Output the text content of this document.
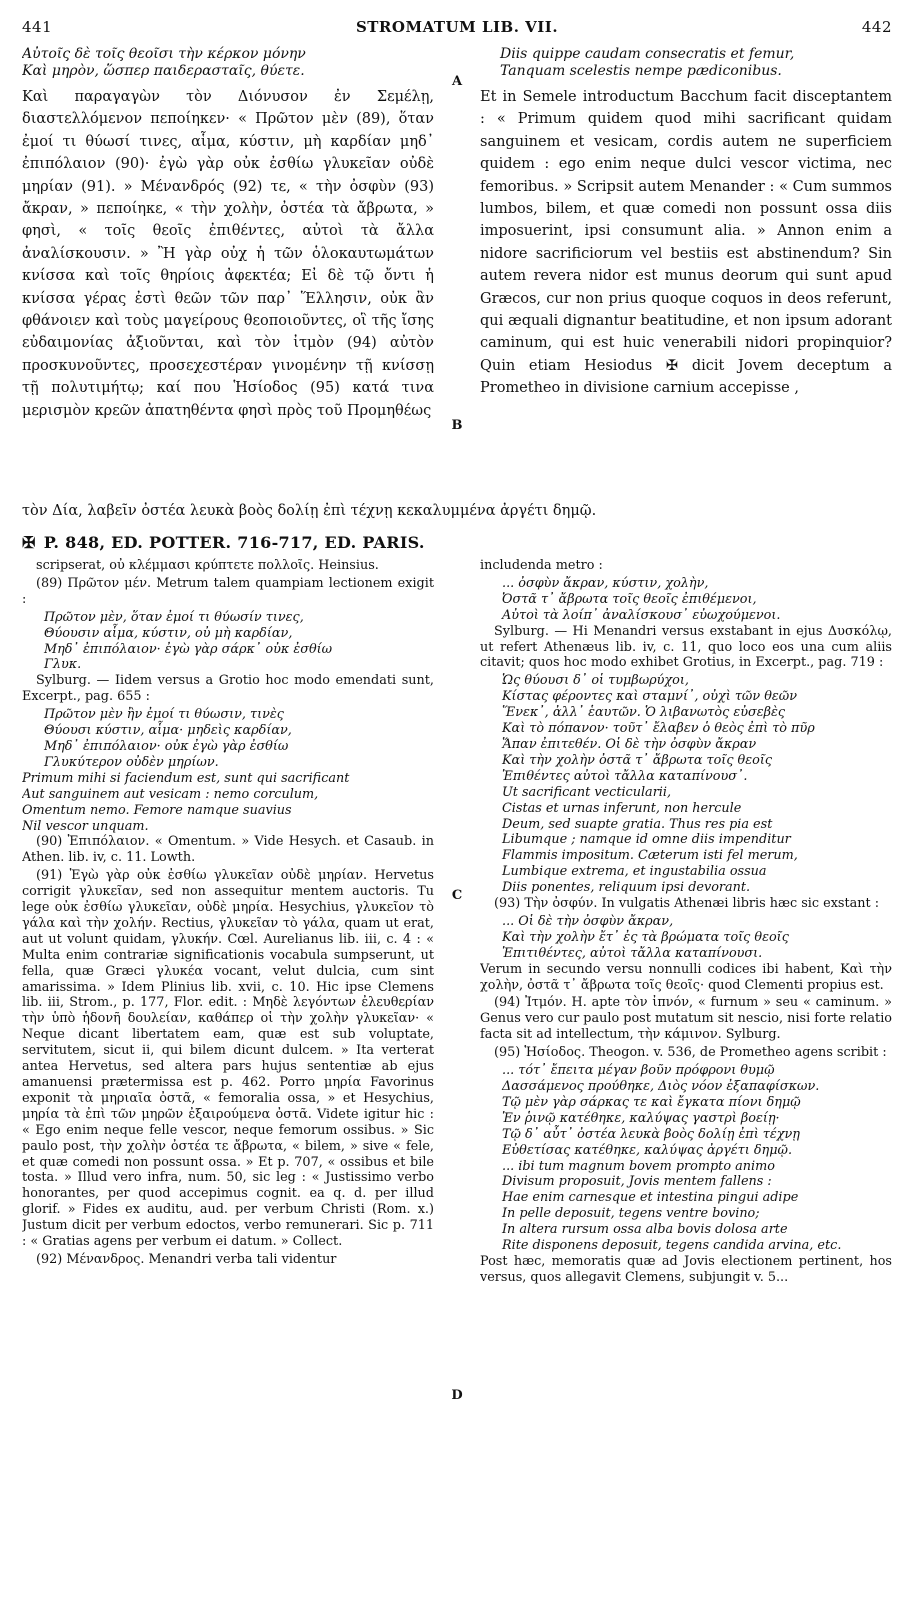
441	STROMATUM LIB. VII.	442

Αὐτοῖς δὲ τοῖς θεοῖσι τὴν κέρκον μόνην
Καὶ μηρὸν, ὥσπερ παιδερασταῖς, θύετε.

Καὶ παραγαγὼν τὸν Διόνυσον ἐν Σεμέλῃ, διαστελλόμενον πεποίηκεν· « Πρῶτον μὲν (89), ὅταν ἐμοί τι θύωσί τινες, αἷμα, κύστιν, μὴ καρδίαν μηδ᾽ ἐπιπόλαιον (90)· ἐγὼ γὰρ οὐκ ἐσθίω γλυκεῖαν οὐδὲ μηρίαν (91). » Μένανδρός (92) τε, « τὴν ὀσφὺν (93) ἄκραν, » πεποίηκε, « τὴν χολὴν, ὀστέα τὰ ἄβρωτα, » φησὶ, « τοῖς θεοῖς ἐπιθέντες, αὐτοὶ τὰ ἄλλα ἀναλίσκουσιν. » Ἢ γὰρ οὐχ ἡ τῶν ὁλοκαυτωμάτων κνίσσα καὶ τοῖς θηρίοις ἀφεκτέα; Εἰ δὲ τῷ ὄντι ἡ κνίσσα γέρας ἐστὶ θεῶν τῶν παρ᾽ Ἕλλησιν, οὐκ ἂν φθάνοιεν καὶ τοὺς μαγείρους θεοποιοῦντες, οἳ τῆς ἴσης εὐδαιμονίας ἀξιοῦνται, καὶ τὸν ἰτμὸν (94) αὐτὸν προσκυνοῦντες, προσεχεστέραν γινομένην τῇ κνίσσῃ τῇ πολυτιμήτῳ; καί που Ἡσίοδος (95) κατά τινα μερισμὸν κρεῶν ἀπατηθέντα φησὶ πρὸς τοῦ Προμηθέως

A
B

Diis quippe caudam consecratis et femur,
Tanquam scelestis nempe pædiconibus.

Et in Semele introductum Bacchum facit disceptantem : « Primum quidem quod mihi sacrificant quidam sanguinem et vesicam, cordis autem ne superficiem quidem : ego enim neque dulci vescor victima, nec femoribus. » Scripsit autem Menander : « Cum summos lumbos, bilem, et quæ comedi non possunt ossa diis imposuerint, ipsi consumunt alia. » Annon enim a nidore sacrificiorum vel bestiis est abstinendum? Sin autem revera nidor est munus deorum qui sunt apud Græcos, cur non prius quoque coquos in deos referunt, qui æquali dignantur beatitudine, et non ipsum adorant caminum, qui est huic venerabili nidori propinquior? Quin etiam Hesiodus ✠ dicit Jovem deceptum a Prometheo in divisione carnium accepisse ,

τὸν Δία, λαβεῖν ὀστέα λευκὰ βοὸς δολίῃ ἐπὶ τέχνῃ κεκαλυμμένα ἀργέτι δημῷ.
✠ P. 848, ED. POTTER. 716-717, ED. PARIS.

scripserat, οὐ κλέμμασι κρύπτετε πολλοῖς. Heinsius.

(89) Πρῶτον μέν. Metrum talem quampiam lectionem exigit :

Πρῶτον μὲν, ὅταν ἐμοί τι θύωσίν τινες,

Θύουσιν αἷμα, κύστιν, οὐ μὴ καρδίαν,

Μηδ᾽ ἐπιπόλαιον· ἐγὼ γὰρ σάρκ᾽ οὐκ ἐσθίω

Γλυκ.

Sylburg. — Iidem versus a Grotio hoc modo emendati sunt, Excerpt., pag. 655 :

Πρῶτον μὲν ἢν ἐμοί τι θύωσιν, τινὲς

Θύουσι κύστιν, αἷμα· μηδεὶς καρδίαν,

Μηδ᾽ ἐπιπόλαιον· οὐκ ἐγὼ γὰρ ἐσθίω

Γλυκύτερον οὐδὲν μηρίων.

Primum mihi si faciendum est, sunt qui sacrificant

Aut sanguinem aut vesicam : nemo corculum,

Omentum nemo. Femore namque suavius

Nil vescor unquam.

(90) Ἐπιπόλαιον. « Omentum. » Vide Hesych. et Casaub. in Athen. lib. iv, c. 11. Lowth.

(91) Ἐγὼ γὰρ οὐκ ἐσθίω γλυκεῖαν οὐδὲ μηρίαν. Hervetus corrigit γλυκεῖαν, sed non assequitur mentem auctoris. Tu lege οὐκ ἐσθίω γλυκεῖαν, οὐδὲ μηρία. Hesychius, γλυκεῖον τὸ γάλα καὶ τὴν χολήν. Rectius, γλυκεῖαν τὸ γάλα, quam ut erat, aut ut volunt quidam, γλυκήν. Cœl. Aurelianus lib. iii, c. 4 : « Multa enim contrariæ significationis vocabula sumpserunt, ut fella, quæ Græci γλυκέα vocant, velut dulcia, cum sint amarissima. » Idem Plinius lib. xvii, c. 10. Hic ipse Clemens lib. iii, Strom., p. 177, Flor. edit. : Μηδὲ λεγόντων ἐλευθερίαν τὴν ὑπὸ ἡδονῆ δουλείαν, καθάπερ οἱ τὴν χολὴν γλυκεῖαν· « Neque dicant libertatem eam, quæ est sub voluptate, servitutem, sicut ii, qui bilem dicunt dulcem. » Ita verterat antea Hervetus, sed altera pars hujus sententiæ ab ejus amanuensi prætermissa est p. 462. Porro μηρία Favorinus exponit τὰ μηριαῖα ὀστᾶ, « femoralia ossa, » et Hesychius, μηρία τὰ ἐπὶ τῶν μηρῶν ἐξαιρούμενα ὀστᾶ. Videte igitur hic : « Ego enim neque felle vescor, neque femorum ossibus. » Sic paulo post, τὴν χολὴν ὀστέα τε ἄβρωτα, « bilem, » sive « fele, et quæ comedi non possunt ossa. » Et p. 707, « ossibus et bile tosta. » Illud vero infra, num. 50, sic leg : « Justissimo verbo honorantes, per quod accepimus cognit. ea q. d. per illud glorif. » Fides ex auditu, aud. per verbum Christi (Rom. x.) Justum dicit per verbum edoctos, verbo remunerari. Sic p. 711 : « Gratias agens per verbum ei datum. » Collect.

(92) Μένανδρος. Menandri verba tali videntur

C
D

includenda metro :

... ὀσφὺν ἄκραν, κύστιν, χολὴν,

Ὀστᾶ τ᾽ ἄβρωτα τοῖς θεοῖς ἐπιθέμενοι,

Αὐτοὶ τὰ λοίπ᾽ ἀναλίσκουσ᾽ εὐωχούμενοι.

Sylburg. — Hi Menandri versus exstabant in ejus Δυσκόλῳ, ut refert Athenæus lib. iv, c. 11, quo loco eos una cum aliis citavit; quos hoc modo exhibet Grotius, in Excerpt., pag. 719 :

Ὡς θύουσι δ᾽ οἱ τυμβωρύχοι,

Κίστας φέροντες καὶ σταμνί᾽, οὐχὶ τῶν θεῶν

Ἕνεκ᾽, ἀλλ᾽ ἑαυτῶν. Ὁ λιβανωτὸς εὐσεβὲς

Καὶ τὸ πόπανον· τοῦτ᾽ ἔλαβεν ὁ θεὸς ἐπὶ τὸ πῦρ

Ἅπαν ἐπιτεθέν. Οἱ δὲ τὴν ὀσφὺν ἄκραν

Καὶ τὴν χολὴν ὀστᾶ τ᾽ ἄβρωτα τοῖς θεοῖς

Ἐπιθέντες αὐτοὶ τἄλλα καταπίνουσ᾽.

Ut sacrificant vecticularii,

Cistas et urnas inferunt, non hercule

Deum, sed suapte gratia. Thus res pia est

Libumque ; namque id omne diis impenditur

Flammis impositum. Cæterum isti fel merum,

Lumbique extrema, et ingustabilia ossua

Diis ponentes, reliquum ipsi devorant.

(93) Τὴν ὀσφύν. In vulgatis Athenæi libris hæc sic exstant :

... Οἱ δὲ τὴν ὀσφὺν ἄκραν,

Καὶ τὴν χολὴν ἔτ᾽ ἐς τὰ βρώματα τοῖς θεοῖς

Ἐπιτιθέντες, αὐτοὶ τἄλλα καταπίνουσι.

Verum in secundo versu nonnulli codices ibi habent, Καὶ τὴν χολὴν, ὀστᾶ τ᾽ ἄβρωτα τοῖς θεοῖς· quod Clementi propius est.

(94) Ἰτμόν. H. apte τὸν ἰπνόν, « furnum » seu « caminum. » Genus vero cur paulo post mutatum sit nescio, nisi forte relatio facta sit ad intellectum, τὴν κάμινον. Sylburg.

(95) Ἡσίοδος. Theogon. v. 536, de Prometheo agens scribit :

... τότ᾽ ἔπειτα μέγαν βοῦν πρόφρονι θυμῷ

Δασσάμενος προύθηκε, Διὸς νόον ἐξαπαφίσκων.

Τῷ μὲν γὰρ σάρκας τε καὶ ἔγκατα πίονι δημῷ

Ἐν ῥινῷ κατέθηκε, καλύψας γαστρὶ βοείῃ·

Τῷ δ᾽ αὖτ᾽ ὀστέα λευκὰ βοὸς δολίῃ ἐπὶ τέχνῃ

Εὐθετίσας κατέθηκε, καλύψας ἀργέτι δημῷ.

... ibi tum magnum bovem prompto animo

Divisum proposuit, Jovis mentem fallens :

Hae enim carnesque et intestina pingui adipe

In pelle deposuit, tegens ventre bovino;

In altera rursum ossa alba bovis dolosa arte

Rite disponens deposuit, tegens candida arvina, etc.

Post hæc, memoratis quæ ad Jovis electionem pertinent, hos versus, quos allegavit Clemens, subjungit v. 5...
